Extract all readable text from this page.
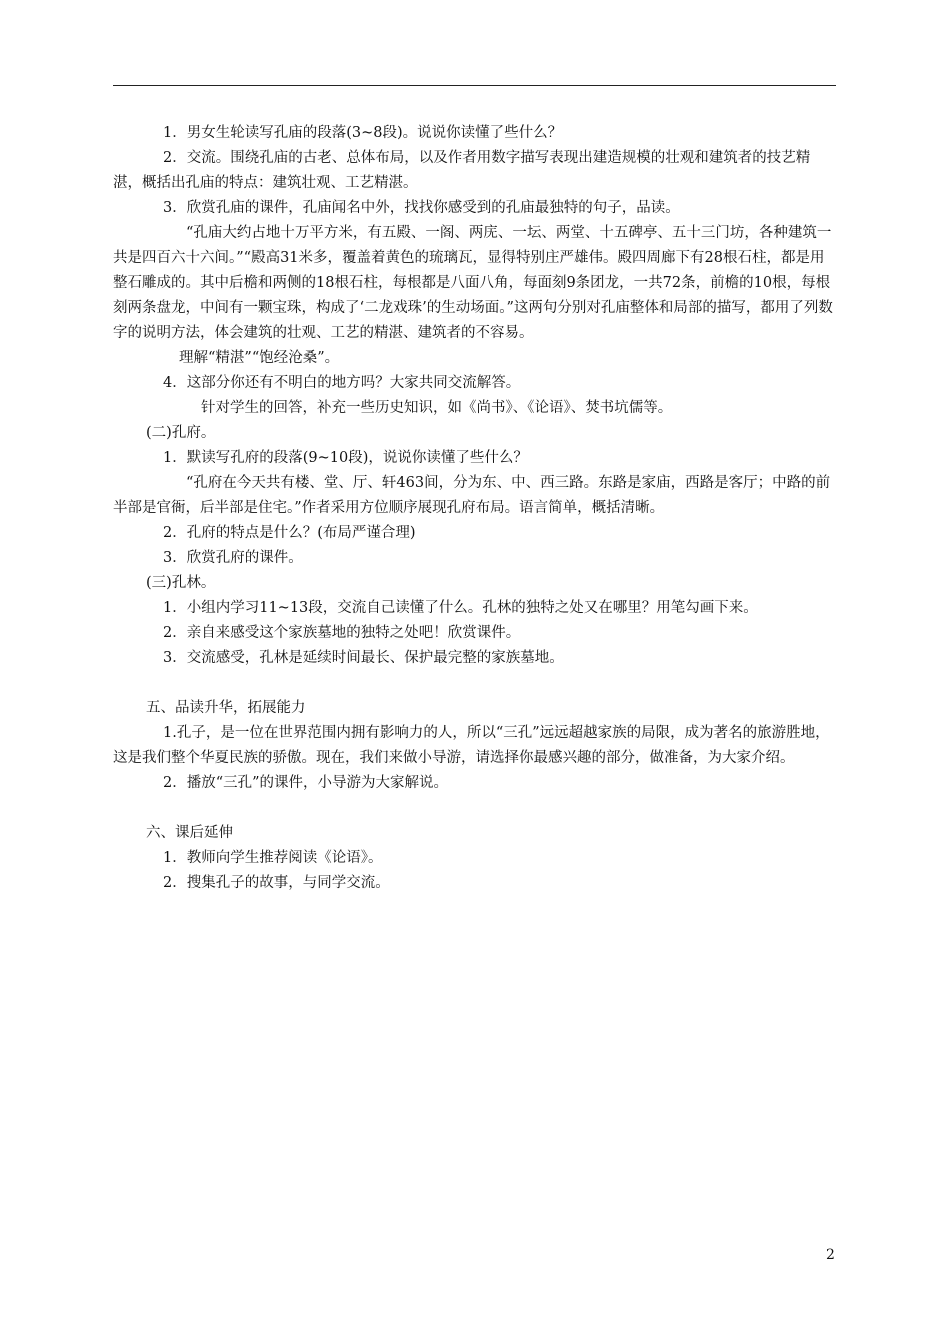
1．男女生轮读写孔庙的段落(3~8段)。说说你读懂了些什么？

2．交流。围绕孔庙的古老、总体布局，以及作者用数字描写表现出建造规模的壮观和建筑者的技艺精湛，概括出孔庙的特点：建筑壮观、工艺精湛。

3．欣赏孔庙的课件，孔庙闻名中外，找找你感受到的孔庙最独特的句子，品读。

“孔庙大约占地十万平方米，有五殿、一阁、两庑、一坛、两堂、十五碑亭、五十三门坊，各种建筑一共是四百六十六间。”“殿高31米多，覆盖着黄色的琉璃瓦，显得特别庄严雄伟。殿四周廊下有28根石柱，都是用整石雕成的。其中后檐和两侧的18根石柱，每根都是八面八角，每面刻9条团龙，一共72条，前檐的10根，每根刻两条盘龙，中间有一颗宝珠，构成了‘二龙戏珠’的生动场面。”这两句分别对孔庙整体和局部的描写，都用了列数字的说明方法，体会建筑的壮观、工艺的精湛、建筑者的不容易。

理解“精湛”“饱经沧桑”。

4．这部分你还有不明白的地方吗？大家共同交流解答。

针对学生的回答，补充一些历史知识，如《尚书》、《论语》、焚书坑儒等。

(二)孔府。

1．默读写孔府的段落(9~10段)，说说你读懂了些什么？

“孔府在今天共有楼、堂、厅、轩463间，分为东、中、西三路。东路是家庙，西路是客厅；中路的前半部是官衙，后半部是住宅。”作者采用方位顺序展现孔府布局。语言简单，概括清晰。

2．孔府的特点是什么？(布局严谨合理)

3．欣赏孔府的课件。

(三)孔林。

1．小组内学习11~13段，交流自己读懂了什么。孔林的独特之处又在哪里？用笔勾画下来。

2．亲自来感受这个家族墓地的独特之处吧！欣赏课件。

3．交流感受，孔林是延续时间最长、保护最完整的家族墓地。

五、品读升华，拓展能力

1.孔子，是一位在世界范围内拥有影响力的人，所以“三孔”远远超越家族的局限，成为著名的旅游胜地，这是我们整个华夏民族的骄傲。现在，我们来做小导游，请选择你最感兴趣的部分，做准备，为大家介绍。

2．播放“三孔”的课件，小导游为大家解说。

六、课后延伸

1．教师向学生推荐阅读《论语》。

2．搜集孔子的故事，与同学交流。

2
